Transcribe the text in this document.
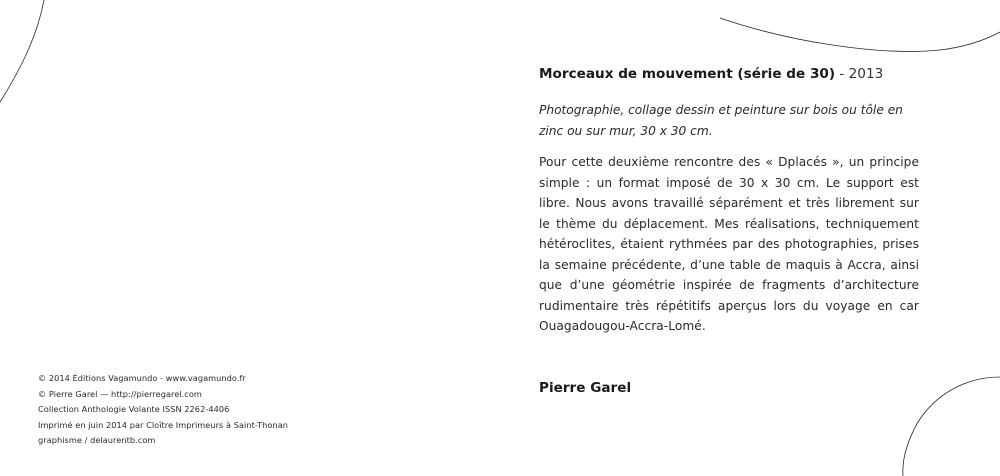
© 2014 Éditions Vagamundo - www.vagamundo.fr
© Pierre Garel — http://pierregarel.com
Collection Anthologie Volante ISSN 2262-4406
Imprimé en juin 2014 par Cloître Imprimeurs à Saint-Thonan
graphisme / delaurentb.com
Morceaux de mouvement (série de 30) - 2013
Photographie, collage dessin et peinture sur bois ou tôle en zinc ou sur mur, 30 x 30 cm.
Pour cette deuxième rencontre des « Dplacés », un principe simple : un format imposé de 30 x 30 cm. Le support est libre. Nous avons travaillé séparément et très librement sur le thème du déplacement. Mes réalisations, techniquement hétéroclites, étaient rythmées par des photographies, prises la semaine précédente, d’une table de maquis à Accra, ainsi que d’une géométrie inspirée de fragments d’architecture rudimentaire très répétitifs aperçus lors du voyage en car Ouagadougou-Accra-Lomé.
Pierre Garel
